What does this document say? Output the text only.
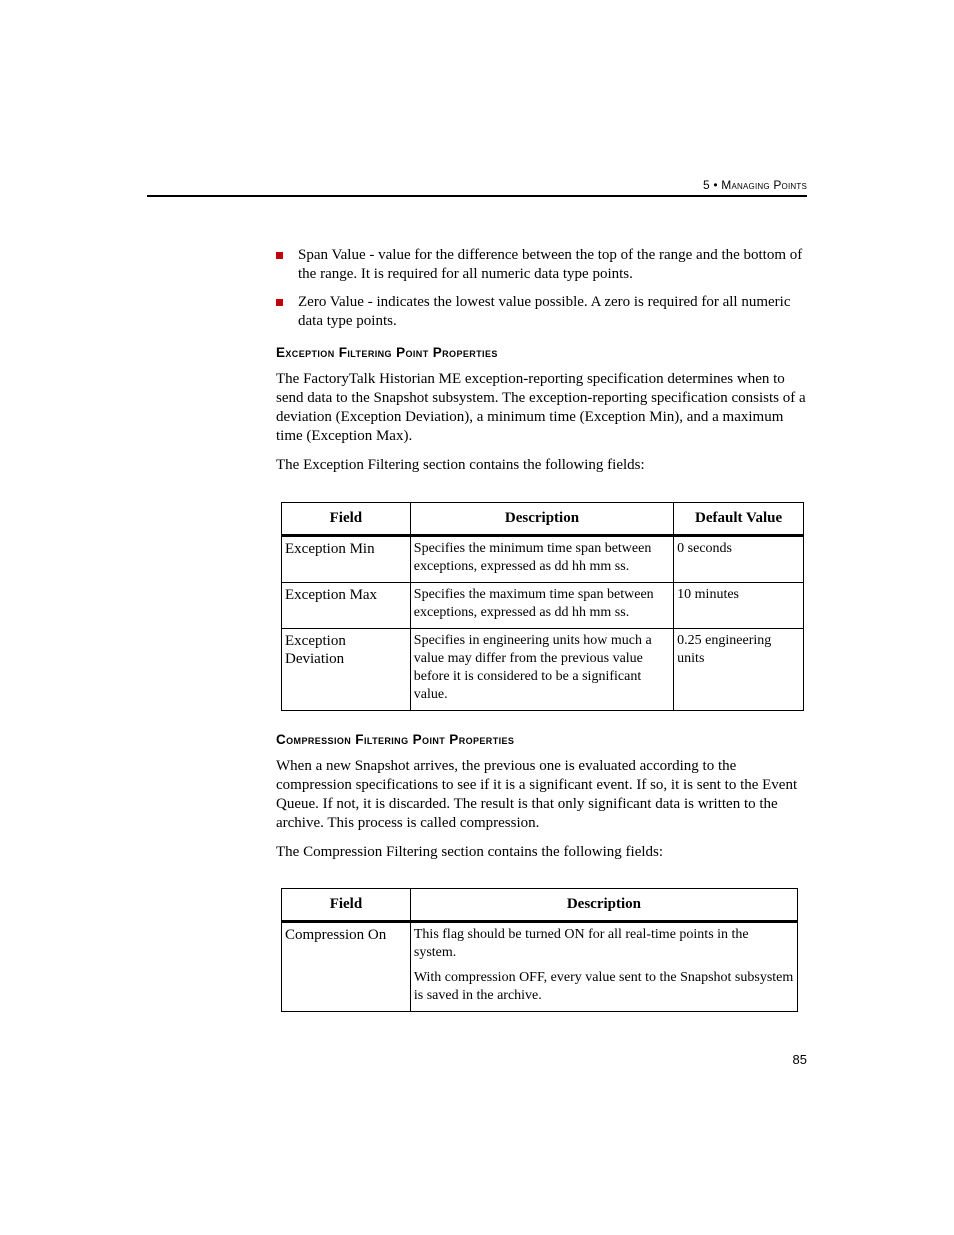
5 • Managing Points
Span Value - value for the difference between the top of the range and the bottom of the range. It is required for all numeric data type points.
Zero Value - indicates the lowest value possible. A zero is required for all numeric data type points.
Exception Filtering Point Properties

The FactoryTalk Historian ME exception-reporting specification determines when to send data to the Snapshot subsystem. The exception-reporting specification consists of a deviation (Exception Deviation), a minimum time (Exception Min), and a maximum time (Exception Max).

The Exception Filtering section contains the following fields:

Field	Description	Default Value
Exception Min	Specifies the minimum time span between exceptions, expressed as dd hh mm ss.	0 seconds
Exception Max	Specifies the maximum time span between exceptions, expressed as dd hh mm ss.	10 minutes
Exception Deviation	Specifies in engineering units how much a value may differ from the previous value before it is considered to be a significant value.	0.25 engineering units
Compression Filtering Point Properties

When a new Snapshot arrives, the previous one is evaluated according to the compression specifications to see if it is a significant event. If so, it is sent to the Event Queue. If not, it is discarded. The result is that only significant data is written to the archive. This process is called compression.

The Compression Filtering section contains the following fields:

Field	Description
Compression On	This flag should be turned ON for all real-time points in the system.
With compression OFF, every value sent to the Snapshot subsystem is saved in the archive.
85
